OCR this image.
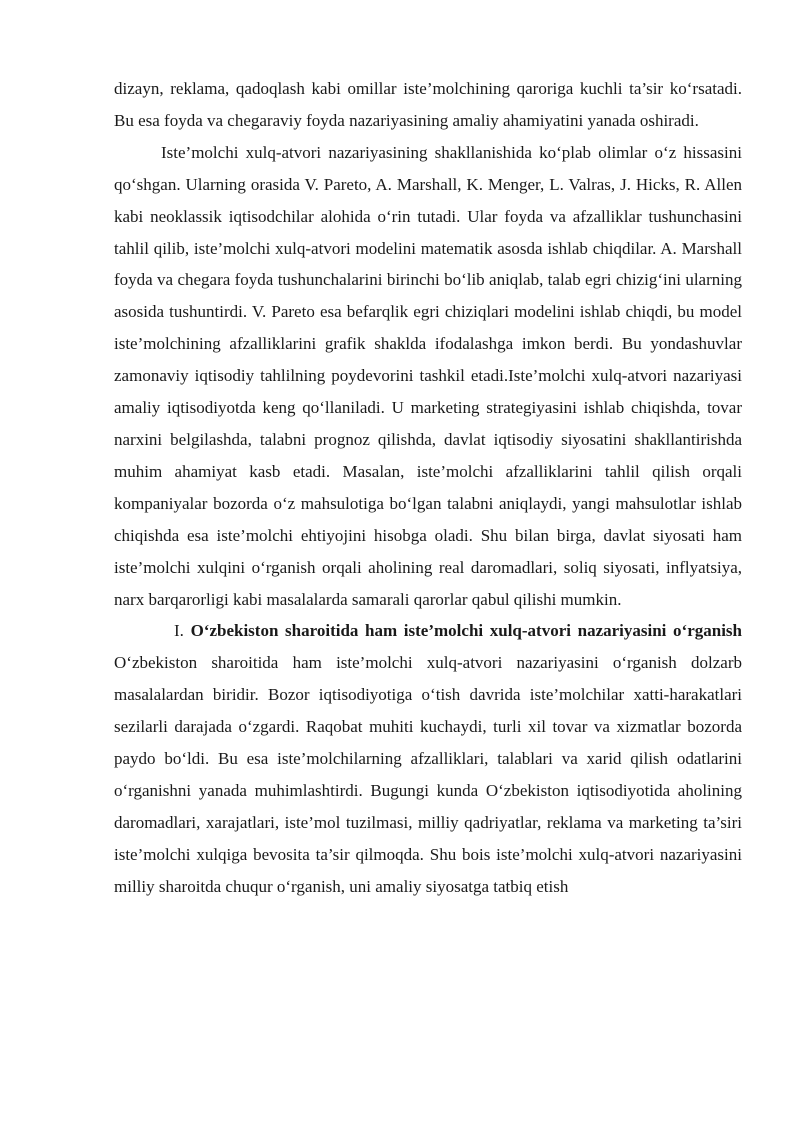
dizayn, reklama, qadoqlash kabi omillar iste’molchining qaroriga kuchli ta’sir ko‘rsatadi. Bu esa foyda va chegaraviy foyda nazariyasining amaliy ahamiyatini yanada oshiradi.

Iste’molchi xulq-atvori nazariyasining shakllanishida ko‘plab olimlar o‘z hissasini qo‘shgan. Ularning orasida V. Pareto, A. Marshall, K. Menger, L. Valras, J. Hicks, R. Allen kabi neoklassik iqtisodchilar alohida o‘rin tutadi. Ular foyda va afzalliklar tushunchasini tahlil qilib, iste’molchi xulq-atvori modelini matematik asosda ishlab chiqdilar. A. Marshall foyda va chegara foyda tushunchalarini birinchi bo‘lib aniqlab, talab egri chizig‘ini ularning asosida tushuntirdi. V. Pareto esa befarqlik egri chiziqlari modelini ishlab chiqdi, bu model iste’molchining afzalliklarini grafik shaklda ifodalashga imkon berdi. Bu yondashuvlar zamonaviy iqtisodiy tahlilning poydevorini tashkil etadi.Iste’molchi xulq-atvori nazariyasi amaliy iqtisodiyotda keng qo‘llaniladi. U marketing strategiyasini ishlab chiqishda, tovar narxini belgilashda, talabni prognoz qilishda, davlat iqtisodiy siyosatini shakllantirishda muhim ahamiyat kasb etadi. Masalan, iste’molchi afzalliklarini tahlil qilish orqali kompaniyalar bozorda o‘z mahsulotiga bo‘lgan talabni aniqlaydi, yangi mahsulotlar ishlab chiqishda esa iste’molchi ehtiyojini hisobga oladi. Shu bilan birga, davlat siyosati ham iste’molchi xulqini o‘rganish orqali aholining real daromadlari, soliq siyosati, inflyatsiya, narx barqarorligi kabi masalalarda samarali qarorlar qabul qilishi mumkin.

I. O‘zbekiston sharoitida ham iste’molchi xulq-atvori nazariyasini o‘rganish O‘zbekiston sharoitida ham iste’molchi xulq-atvori nazariyasini o‘rganish dolzarb masalalardan biridir. Bozor iqtisodiyotiga o‘tish davrida iste’molchilar xatti-harakatlari sezilarli darajada o‘zgardi. Raqobat muhiti kuchaydi, turli xil tovar va xizmatlar bozorda paydo bo‘ldi. Bu esa iste’molchilarning afzalliklari, talablari va xarid qilish odatlarini o‘rganishni yanada muhimlashtirdi. Bugungi kunda O‘zbekiston iqtisodiyotida aholining daromadlari, xarajatlari, iste’mol tuzilmasi, milliy qadriyatlar, reklama va marketing ta’siri iste’molchi xulqiga bevosita ta’sir qilmoqda. Shu bois iste’molchi xulq-atvori nazariyasini milliy sharoitda chuqur o‘rganish, uni amaliy siyosatga tatbiq etish
